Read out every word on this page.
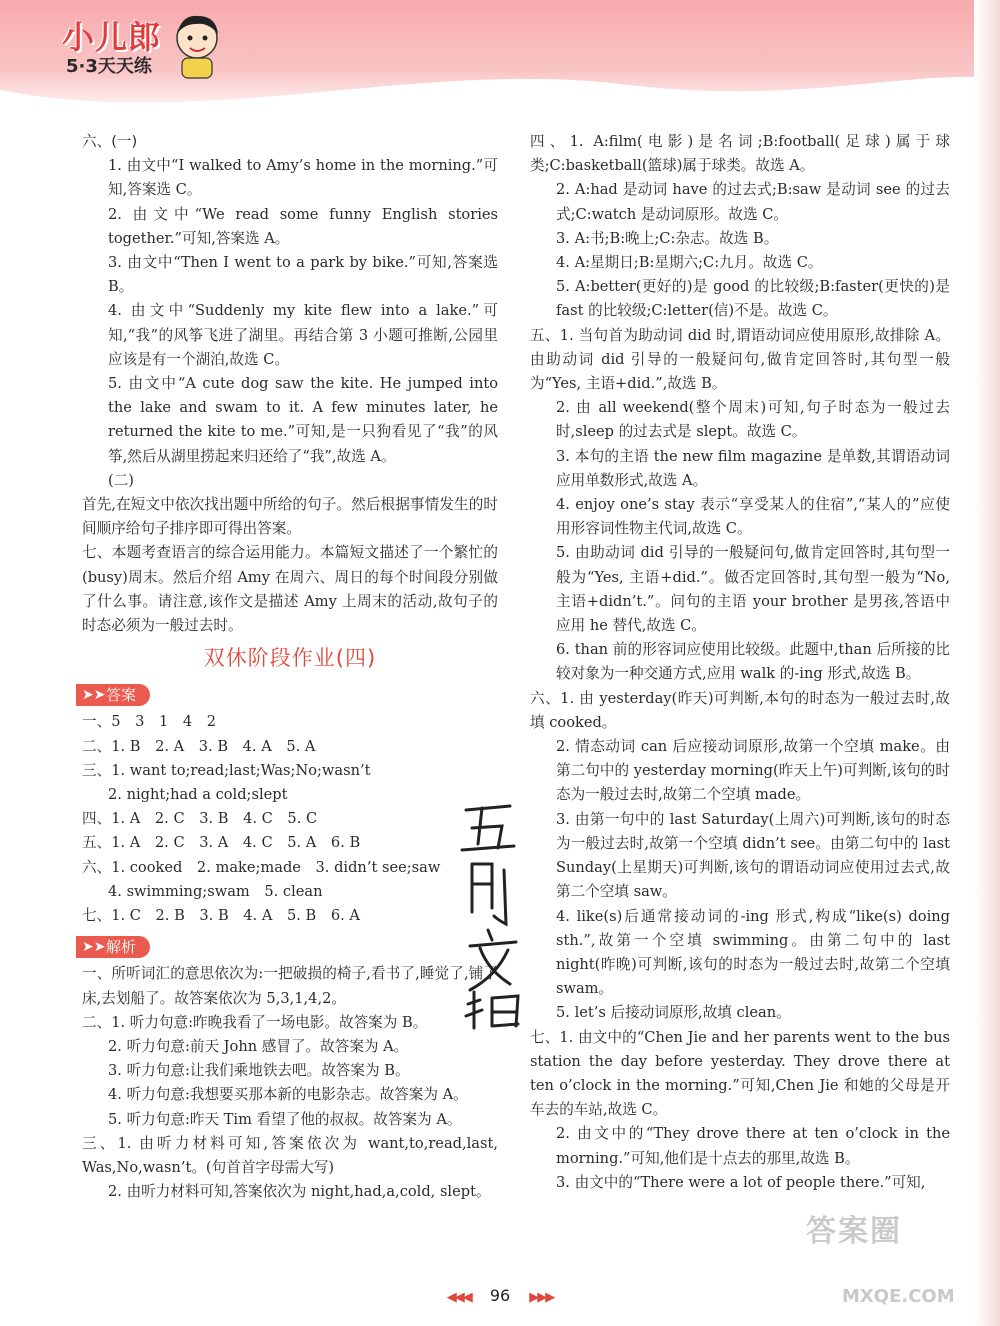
小儿郎
5·3天天练

六、(一)

1. 由文中“I walked to Amy’s home in the morning.”可知,答案选 C。

2. 由文中“We read some funny English stories together.”可知,答案选 A。

3. 由文中“Then I went to a park by bike.”可知,答案选 B。

4. 由文中“Suddenly my kite flew into a lake.”可知,“我”的风筝飞进了湖里。再结合第 3 小题可推断,公园里应该是有一个湖泊,故选 C。

5. 由文中“A cute dog saw the kite. He jumped into the lake and swam to it. A few minutes later, he returned the kite to me.”可知,是一只狗看见了“我”的风筝,然后从湖里捞起来归还给了“我”,故选 A。

(二)

首先,在短文中依次找出题中所给的句子。然后根据事情发生的时间顺序给句子排序即可得出答案。

七、本题考查语言的综合运用能力。本篇短文描述了一个繁忙的(busy)周末。然后介绍 Amy 在周六、周日的每个时间段分别做了什么事。请注意,该作文是描述 Amy 上周末的活动,故句子的时态必须为一般过去时。

双休阶段作业(四)
➤➤ 答案

一、5　3　1　4　2

二、1. B　2. A　3. B　4. A　5. A

三、1. want to;read;last;Was;No;wasn’t

2. night;had a cold;slept

四、1. A　2. C　3. B　4. C　5. C

五、1. A　2. C　3. A　4. C　5. A　6. B

六、1. cooked　2. make;made　3. didn’t see;saw

4. swimming;swam　5. clean

七、1. C　2. B　3. B　4. A　5. B　6. A

➤➤ 解析

一、所听词汇的意思依次为:一把破损的椅子,看书了,睡觉了,铺了床,去划船了。故答案依次为 5,3,1,4,2。

二、1. 听力句意:昨晚我看了一场电影。故答案为 B。

2. 听力句意:前天 John 感冒了。故答案为 A。

3. 听力句意:让我们乘地铁去吧。故答案为 B。

4. 听力句意:我想要买那本新的电影杂志。故答案为 A。

5. 听力句意:昨天 Tim 看望了他的叔叔。故答案为 A。

三、1. 由听力材料可知,答案依次为 want,to,read,last, Was,No,wasn’t。(句首首字母需大写)

2. 由听力材料可知,答案依次为 night,had,a,cold, slept。

四、1. A:film(电影)是名词;B:football(足球)属于球类;C:basketball(篮球)属于球类。故选 A。

2. A:had 是动词 have 的过去式;B:saw 是动词 see 的过去式;C:watch 是动词原形。故选 C。

3. A:书;B:晚上;C:杂志。故选 B。

4. A:星期日;B:星期六;C:九月。故选 C。

5. A:better(更好的)是 good 的比较级;B:faster(更快的)是 fast 的比较级;C:letter(信)不是。故选 C。

五、1. 当句首为助动词 did 时,谓语动词应使用原形,故排除 A。由助动词 did 引导的一般疑问句,做肯定回答时,其句型一般为“Yes, 主语+did.”,故选 B。

2. 由 all weekend(整个周末)可知,句子时态为一般过去时,sleep 的过去式是 slept。故选 C。

3. 本句的主语 the new film magazine 是单数,其谓语动词应用单数形式,故选 A。

4. enjoy one’s stay 表示“享受某人的住宿”,“某人的”应使用形容词性物主代词,故选 C。

5. 由助动词 did 引导的一般疑问句,做肯定回答时,其句型一般为“Yes, 主语+did.”。做否定回答时,其句型一般为“No, 主语+didn’t.”。问句的主语 your brother 是男孩,答语中应用 he 替代,故选 C。

6. than 前的形容词应使用比较级。此题中,than 后所接的比较对象为一种交通方式,应用 walk 的-ing 形式,故选 B。

六、1. 由 yesterday(昨天)可判断,本句的时态为一般过去时,故填 cooked。

2. 情态动词 can 后应接动词原形,故第一个空填 make。由第二句中的 yesterday morning(昨天上午)可判断,该句的时态为一般过去时,故第二个空填 made。

3. 由第一句中的 last Saturday(上周六)可判断,该句的时态为一般过去时,故第一个空填 didn’t see。由第二句中的 last Sunday(上星期天)可判断,该句的谓语动词应使用过去式,故第二个空填 saw。

4. like(s)后通常接动词的-ing 形式,构成“like(s) doing sth.”,故第一个空填 swimming。由第二句中的 last night(昨晚)可判断,该句的时态为一般过去时,故第二个空填 swam。

5. let’s 后接动词原形,故填 clean。

七、1. 由文中的“Chen Jie and her parents went to the bus station the day before yesterday. They drove there at ten o’clock in the morning.”可知,Chen Jie 和她的父母是开车去的车站,故选 C。

2. 由文中的“They drove there at ten o’clock in the morning.”可知,他们是十点去的那里,故选 B。

3. 由文中的“There were a lot of people there.”可知,

◀◀◀ 96 ▶▶▶
答案圈
MXQE.COM
